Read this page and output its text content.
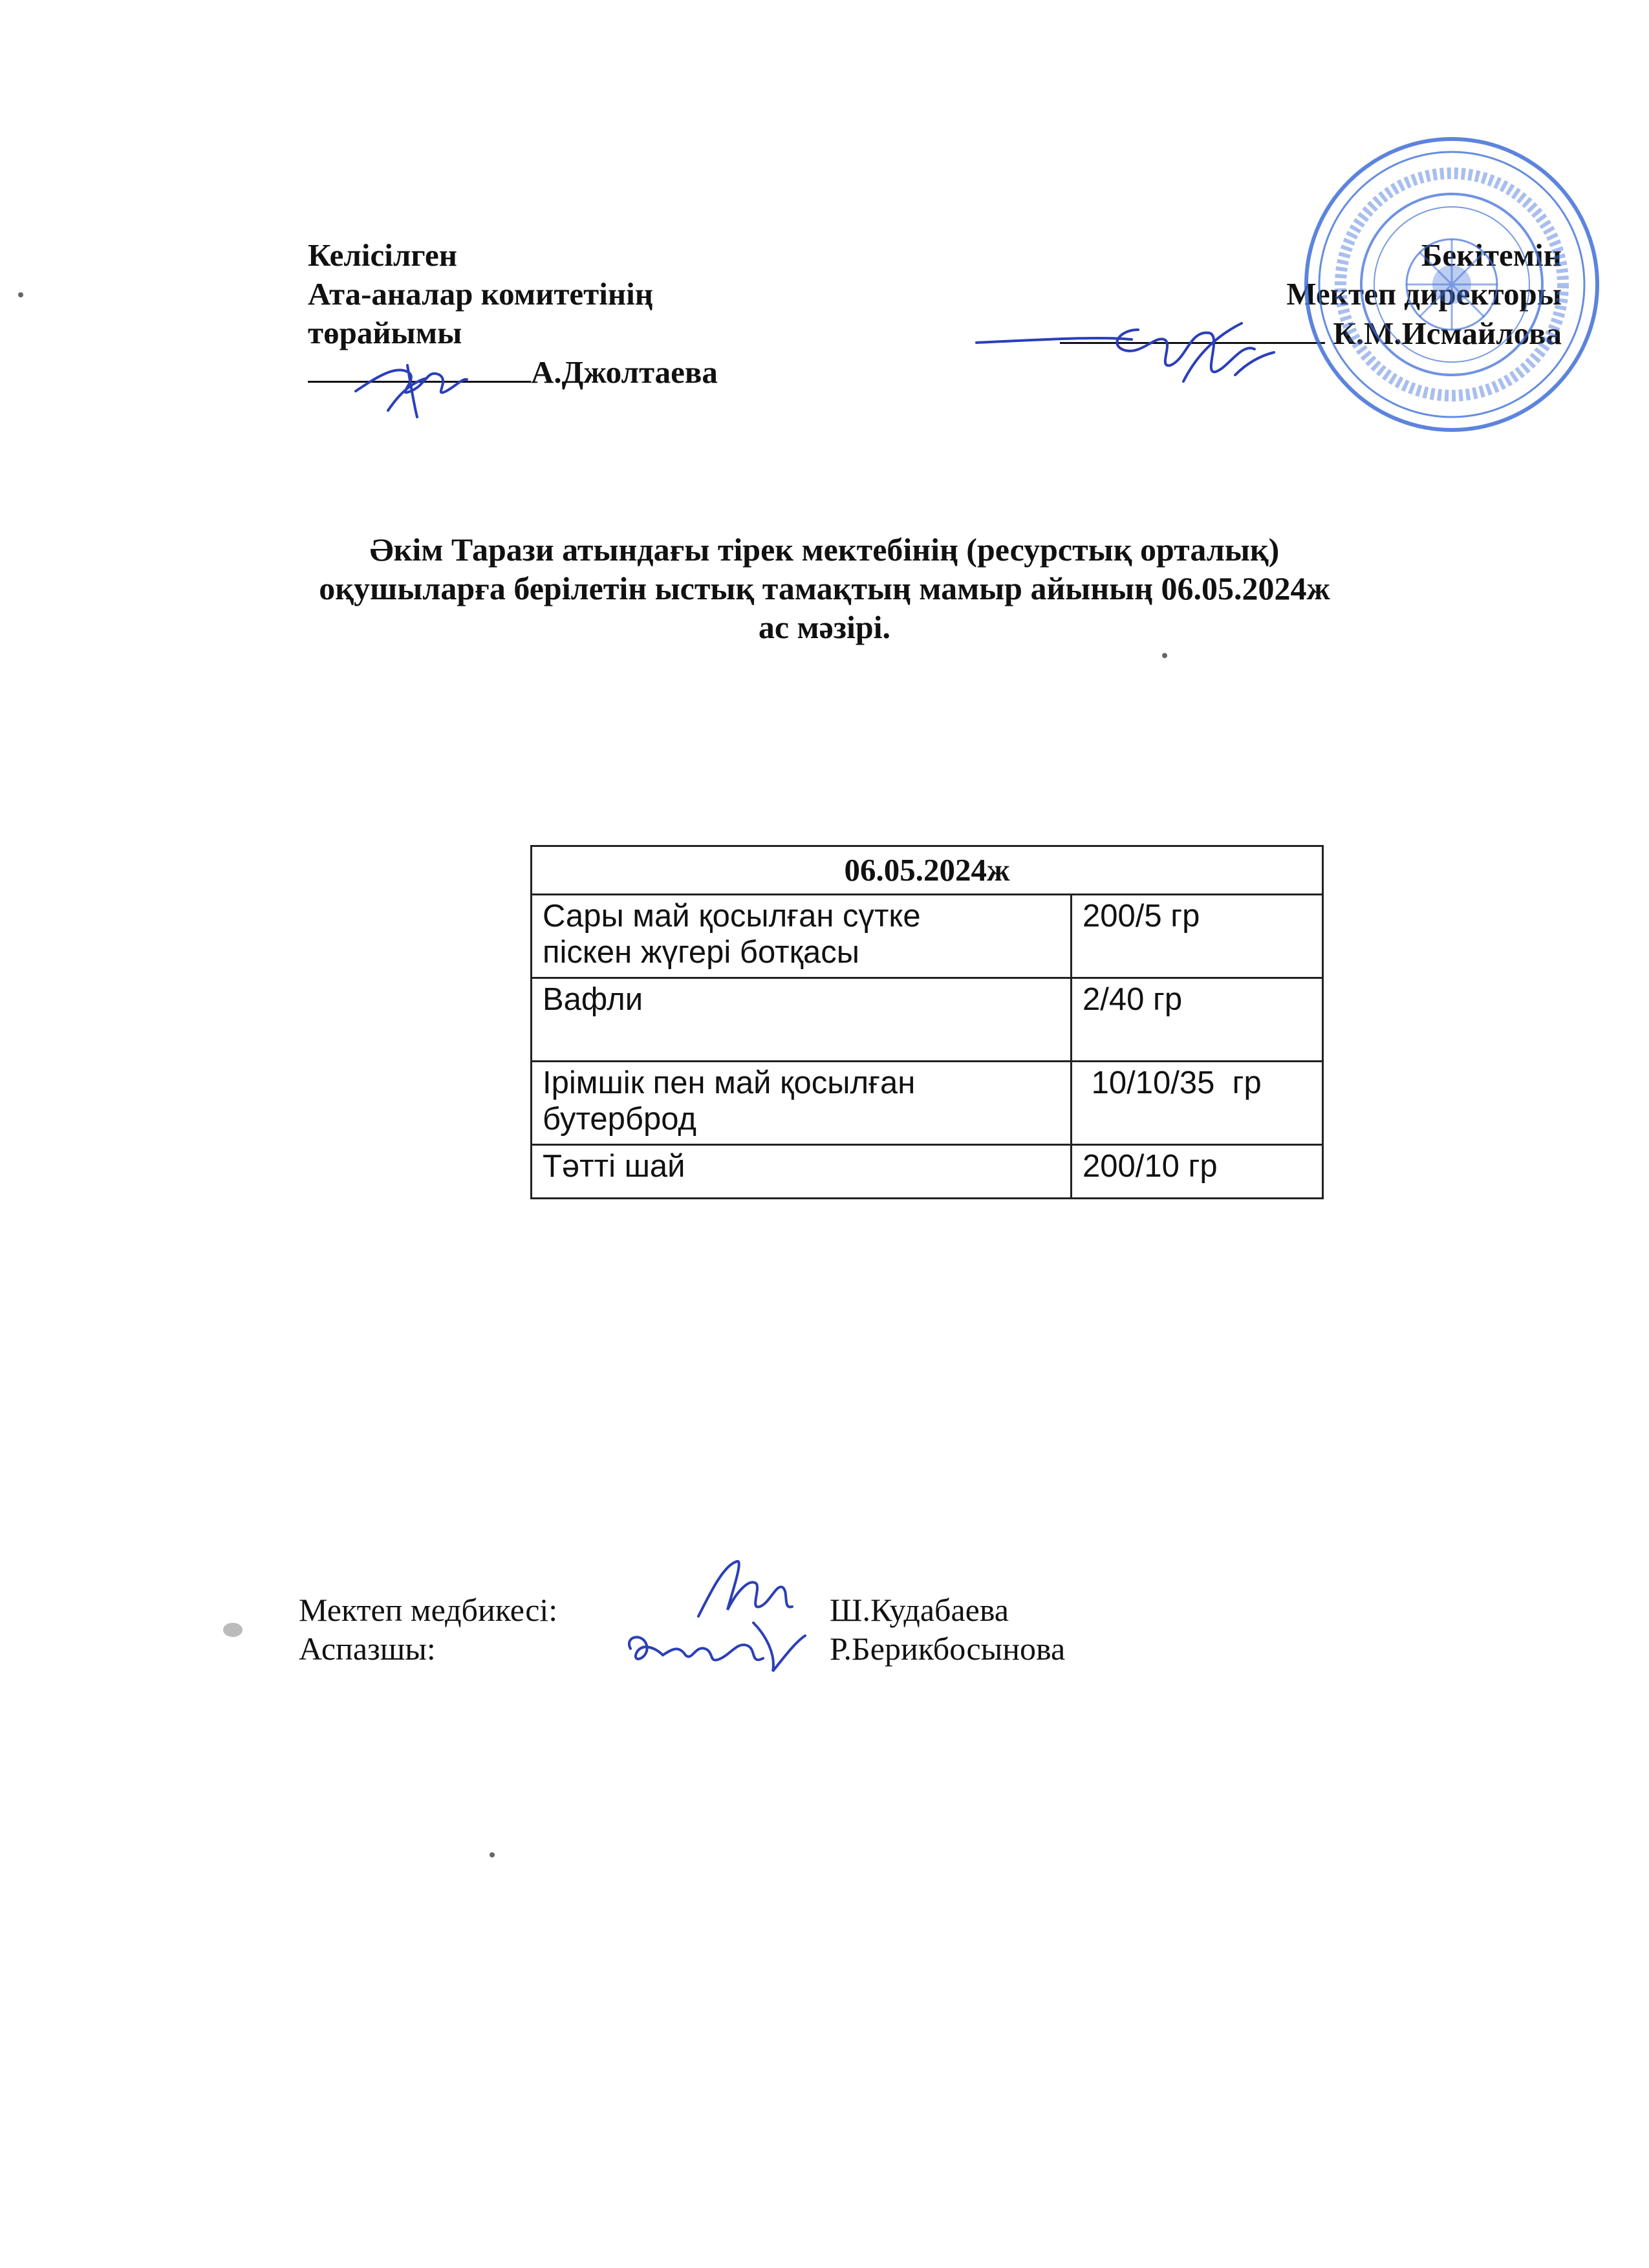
Келісілген
Ата-аналар комитетінің
төрайымы
А.Джолтаева
Бекітемін
Мектеп директоры
К.М.Исмайлова
Әкім Тарази атындағы тірек мектебінің (ресурстық орталық)
оқушыларға берілетін ыстық тамақтың мамыр айының 06.05.2024ж
ас мәзірі.
06.05.2024ж	

Сары май қосылған сүтке
піскен жүгері ботқасы	200/5 гр

Вафли	2/40 гр

Ірімшік пен май қосылған
бутерброд	10/10/35  гр

Тәтті шай	200/10 гр
Мектеп медбикесі:
Аспазшы:
Ш.Кудабаева
Р.Берикбосынова
